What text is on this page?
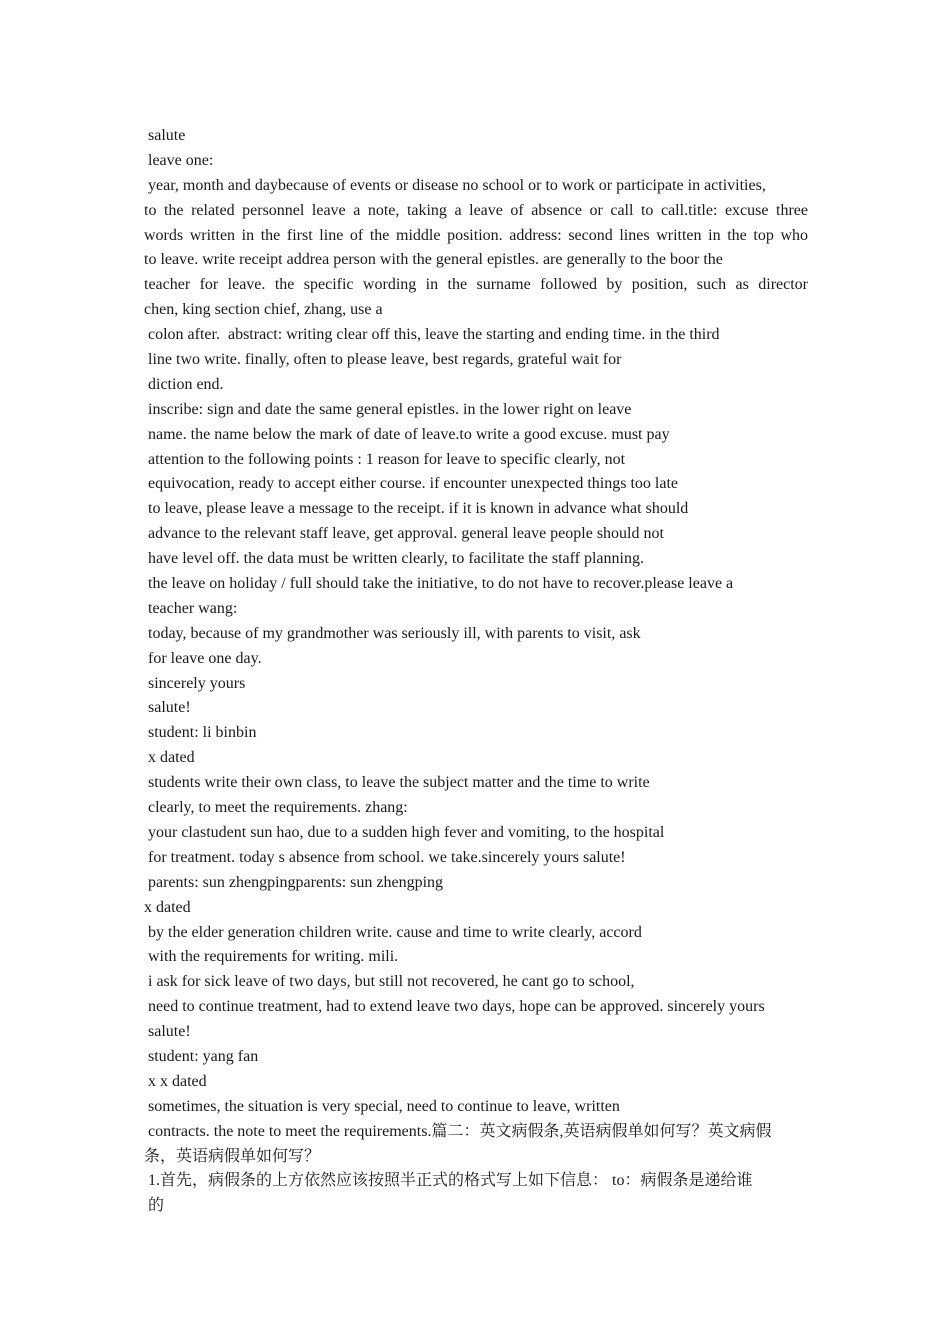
salute
leave one:
year, month and daybecause of events or disease no school or to work or participate in activities,
to the related personnel leave a note, taking a leave of absence or call to call.title: excuse three
words written in the first line of the middle position. address: second lines written in the top who
to leave. write receipt addrea person with the general epistles. are generally to the boor the
teacher for leave. the specific wording in the surname followed by position, such as director
chen, king section chief, zhang, use a
colon after.  abstract: writing clear off this, leave the starting and ending time. in the third
line two write. finally, often to please leave, best regards, grateful wait for
diction end.
inscribe: sign and date the same general epistles. in the lower right on leave
name. the name below the mark of date of leave.to write a good excuse. must pay
attention to the following points : 1 reason for leave to specific clearly, not
equivocation, ready to accept either course. if encounter unexpected things too late
to leave, please leave a message to the receipt. if it is known in advance what should
advance to the relevant staff leave, get approval. general leave people should not
have level off. the data must be written clearly, to facilitate the staff planning.
the leave on holiday / full should take the initiative, to do not have to recover.please leave a
teacher wang:
today, because of my grandmother was seriously ill, with parents to visit, ask
for leave one day.
sincerely yours
salute!
student: li binbin
x dated
students write their own class, to leave the subject matter and the time to write
clearly, to meet the requirements. zhang:
your clastudent sun hao, due to a sudden high fever and vomiting, to the hospital
for treatment. today s absence from school. we take.sincerely yours salute!
parents: sun zhengpingparents: sun zhengping
x dated
by the elder generation children write. cause and time to write clearly, accord
with the requirements for writing. mili.
i ask for sick leave of two days, but still not recovered, he cant go to school,
need to continue treatment, had to extend leave two days, hope can be approved. sincerely yours
salute!
student: yang fan
x x dated
sometimes, the situation is very special, need to continue to leave, written
contracts. the note to meet the requirements.篇二：英文病假条,英语病假单如何写？英文病假
条，英语病假单如何写？
1.首先，病假条的上方依然应该按照半正式的格式写上如下信息： to：病假条是递给谁
的
